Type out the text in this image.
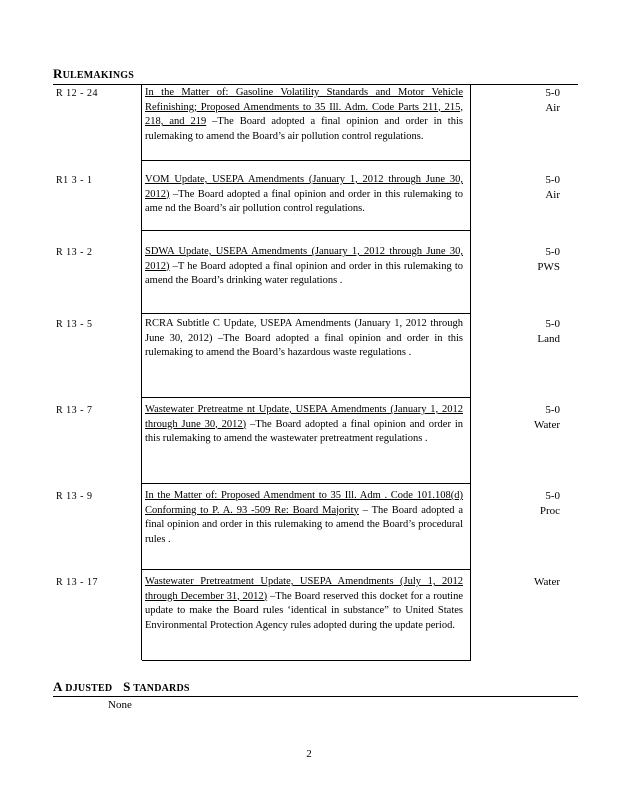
RULEMAKINGS
R 12 - 24	In the Matter of: Gasoline Volatility Standards and Motor Vehicle Refinishing; Proposed Amendments to 35 Ill. Adm. Code Parts 211, 215, 218, and 219 –The Board adopted a final opinion and order in this rulemaking to amend the Board’s air pollution control regulations.
5-0
Air
R1 3 - 1	VOM Update, USEPA Amendments (January 1, 2012 through June 30, 2012) –The Board adopted a final opinion and order in this rulemaking to ame nd the Board’s air pollution control regulations.
5-0
Air
R 13 - 2	SDWA Update, USEPA Amendments (January 1, 2012 through June 30, 2012) –T he Board adopted a final opinion and order in this rulemaking to amend the Board’s drinking water regulations .
5-0
PWS
R 13 - 5	RCRA Subtitle C Update, USEPA Amendments (January 1, 2012 through June 30, 2012) –The Board adopted a final opinion and order in this rulemaking to amend the Board’s hazardous waste regulations .
5-0
Land
R 13 - 7	Wastewater Pretreatme nt Update, USEPA Amendments (January 1, 2012 through June 30, 2012) –The Board adopted a final opinion and order in this rulemaking to amend the wastewater pretreatment regulations .
5-0
Water
R 13 - 9	In the Matter of: Proposed Amendment to 35 Ill. Adm . Code 101.108(d) Conforming to P. A. 93 -509 Re: Board Majority – The Board adopted a final opinion and order in this rulemaking to amend the Board’s procedural rules .
5-0
Proc
R 13 - 17	Wastewater Pretreatment Update, USEPA Amendments (July 1, 2012 through December 31, 2012) –The Board reserved this docket for a routine update to make the Board rules ‘identical in substance” to United States Environmental Protection Agency rules adopted during the update period.
Water
A DJUSTED S TANDARDS
None
2
